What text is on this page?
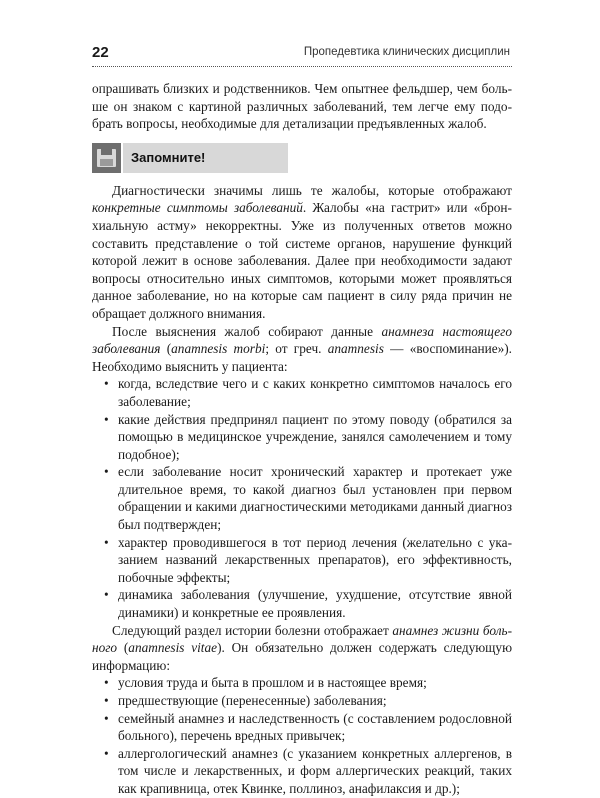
22	Пропедевтика клинических дисциплин

опрашивать близких и родственников. Чем опытнее фельдшер, чем больше он знаком с картиной различных заболеваний, тем легче ему подобрать вопросы, необходимые для детализации предъявленных жалоб.

Запомните!

Диагностически значимы лишь те жалобы, которые отображают конкретные симптомы заболеваний. Жалобы «на гастрит» или «бронхиальную астму» некорректны. Уже из полученных ответов можно составить представление о той системе органов, нарушение функций которой лежит в основе заболевания. Далее при необходимости задают вопросы относительно иных симптомов, которыми может проявляться данное заболевание, но на которые сам пациент в силу ряда причин не обращает должного внимания.

После выяснения жалоб собирают данные анамнеза настоящего заболевания (anamnesis morbi; от греч. anamnesis — «воспоминание»). Необходимо выяснить у пациента:

• когда, вследствие чего и с каких конкретно симптомов началось его заболевание;
• какие действия предпринял пациент по этому поводу (обратился за помощью в медицинское учреждение, занялся самолечением и тому подобное);
• если заболевание носит хронический характер и протекает уже длительное время, то какой диагноз был установлен при первом обращении и какими диагностическими методиками данный диагноз был подтвержден;
• характер проводившегося в тот период лечения (желательно с указанием названий лекарственных препаратов), его эффективность, побочные эффекты;
• динамика заболевания (улучшение, ухудшение, отсутствие явной динамики) и конкретные ее проявления.

Следующий раздел истории болезни отображает анамнез жизни больного (anamnesis vitae). Он обязательно должен содержать следующую информацию:

• условия труда и быта в прошлом и в настоящее время;
• предшествующие (перенесенные) заболевания;
• семейный анамнез и наследственность (с составлением родословной больного), перечень вредных привычек;
• аллергологический анамнез (с указанием конкретных аллергенов, в том числе и лекарственных, и форм аллергических реакций, таких как крапивница, отек Квинке, поллиноз, анафилаксия и др.);
